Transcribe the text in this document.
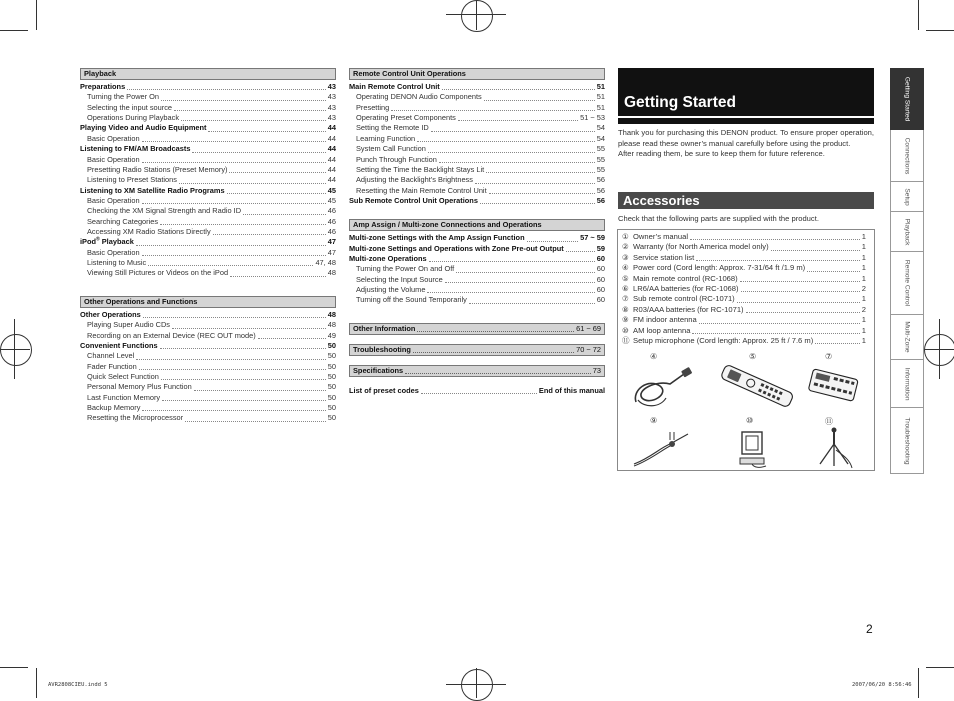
Playback
Preparations	43
Turning the Power On	43
Selecting the input source	43
Operations During Playback	43
Playing Video and Audio Equipment	44
Basic Operation	44
Listening to FM/AM Broadcasts	44
Basic Operation	44
Presetting Radio Stations (Preset Memory)	44
Listening to Preset Stations	44
Listening to XM Satellite Radio Programs	45
Basic Operation	45
Checking the XM Signal Strength and Radio ID	46
Searching Categories	46
Accessing XM Radio Stations Directly	46
iPod® Playback	47
Basic Operation	47
Listening to Music	47, 48
Viewing Still Pictures or Videos on the iPod	48
Other Operations and Functions
Other Operations	48
Playing Super Audio CDs	48
Recording on an External Device (REC OUT mode)	49
Convenient Functions	50
Channel Level	50
Fader Function	50
Quick Select Function	50
Personal Memory Plus Function	50
Last Function Memory	50
Backup Memory	50
Resetting the Microprocessor	50
Remote Control Unit Operations
Main Remote Control Unit	51
Operating DENON Audio Components	51
Presetting	51
Operating Preset Components	51 ~ 53
Setting the Remote ID	54
Learning Function	54
System Call Function	55
Punch Through Function	55
Setting the Time the Backlight Stays Lit	55
Adjusting the Backlight’s Brightness	56
Resetting the Main Remote Control Unit	56
Sub Remote Control Unit Operations	56
Amp Assign / Multi-zone Connections and Operations
Multi-zone Settings with the Amp Assign Function	57 ~ 59
Multi-zone Settings and Operations with Zone Pre-out Output	59
Multi-zone Operations	60
Turning the Power On and Off	60
Selecting the Input Source	60
Adjusting the Volume	60
Turning off the Sound Temporarily	60
Other Information	61 ~ 69
Troubleshooting	70 ~ 72
Specifications	73
List of preset codes	End of this manual
Getting Started
Thank you for purchasing this DENON product. To ensure proper operation, please read these owner’s manual carefully before using the product.
After reading them, be sure to keep them for future reference.
Accessories
Check that the following parts are supplied with the product.
① Owner’s manual	1
② Warranty (for North America model only)	1
③ Service station list	1
④ Power cord (Cord length: Approx. 7-31/64 ft /1.9 m)	1
⑤ Main remote control (RC-1068)	1
⑥ LR6/AA batteries (for RC-1068)	2
⑦ Sub remote control (RC-1071)	1
⑧ R03/AAA batteries (for RC-1071)	2
⑨ FM indoor antenna	1
⑩ AM loop antenna	1
⑪ Setup microphone (Cord length: Approx. 25 ft / 7.6 m)	1
④	⑤	⑦
⑨	⑩	⑪
Getting Started
Connections
Setup
Playback
Remote Control
Multi-Zone
Information
Troubleshooting
2
AVR2808CIEU.indd 5	2007/06/20 8:56:46
